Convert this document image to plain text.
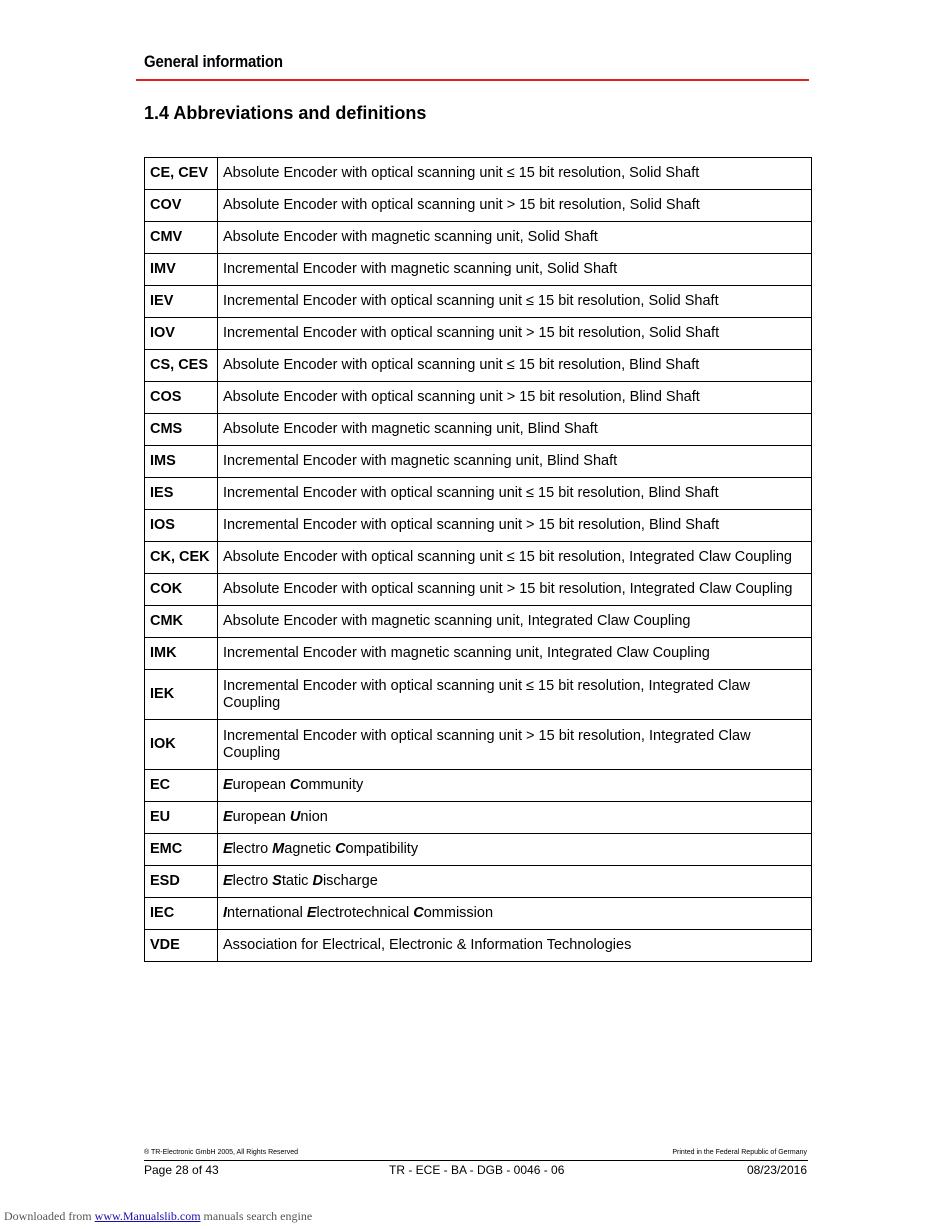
General information
1.4 Abbreviations and definitions
CE, CEV	Absolute Encoder with optical scanning unit ≤ 15 bit resolution, Solid Shaft
COV	Absolute Encoder with optical scanning unit > 15 bit resolution, Solid Shaft
CMV	Absolute Encoder with magnetic scanning unit, Solid Shaft
IMV	Incremental Encoder with magnetic scanning unit, Solid Shaft
IEV	Incremental Encoder with optical scanning unit ≤ 15 bit resolution, Solid Shaft
IOV	Incremental Encoder with optical scanning unit > 15 bit resolution, Solid Shaft
CS, CES	Absolute Encoder with optical scanning unit ≤ 15 bit resolution, Blind Shaft
COS	Absolute Encoder with optical scanning unit > 15 bit resolution, Blind Shaft
CMS	Absolute Encoder with magnetic scanning unit, Blind Shaft
IMS	Incremental Encoder with magnetic scanning unit, Blind Shaft
IES	Incremental Encoder with optical scanning unit ≤ 15 bit resolution, Blind Shaft
IOS	Incremental Encoder with optical scanning unit > 15 bit resolution, Blind Shaft
CK, CEK	Absolute Encoder with optical scanning unit ≤ 15 bit resolution, Integrated Claw Coupling
COK	Absolute Encoder with optical scanning unit > 15 bit resolution, Integrated Claw Coupling
CMK	Absolute Encoder with magnetic scanning unit, Integrated Claw Coupling
IMK	Incremental Encoder with magnetic scanning unit, Integrated Claw Coupling
IEK	Incremental Encoder with optical scanning unit ≤ 15 bit resolution, Integrated Claw Coupling
IOK	Incremental Encoder with optical scanning unit > 15 bit resolution, Integrated Claw Coupling
EC	European Community
EU	European Union
EMC	Electro Magnetic Compatibility
ESD	Electro Static Discharge
IEC	International Electrotechnical Commission
VDE	Association for Electrical, Electronic & Information Technologies
® TR-Electronic GmbH 2005, All Rights Reserved	Printed in the Federal Republic of Germany
Page 28 of 43	TR - ECE - BA - DGB - 0046 - 06	08/23/2016
Downloaded from www.Manualslib.com manuals search engine
